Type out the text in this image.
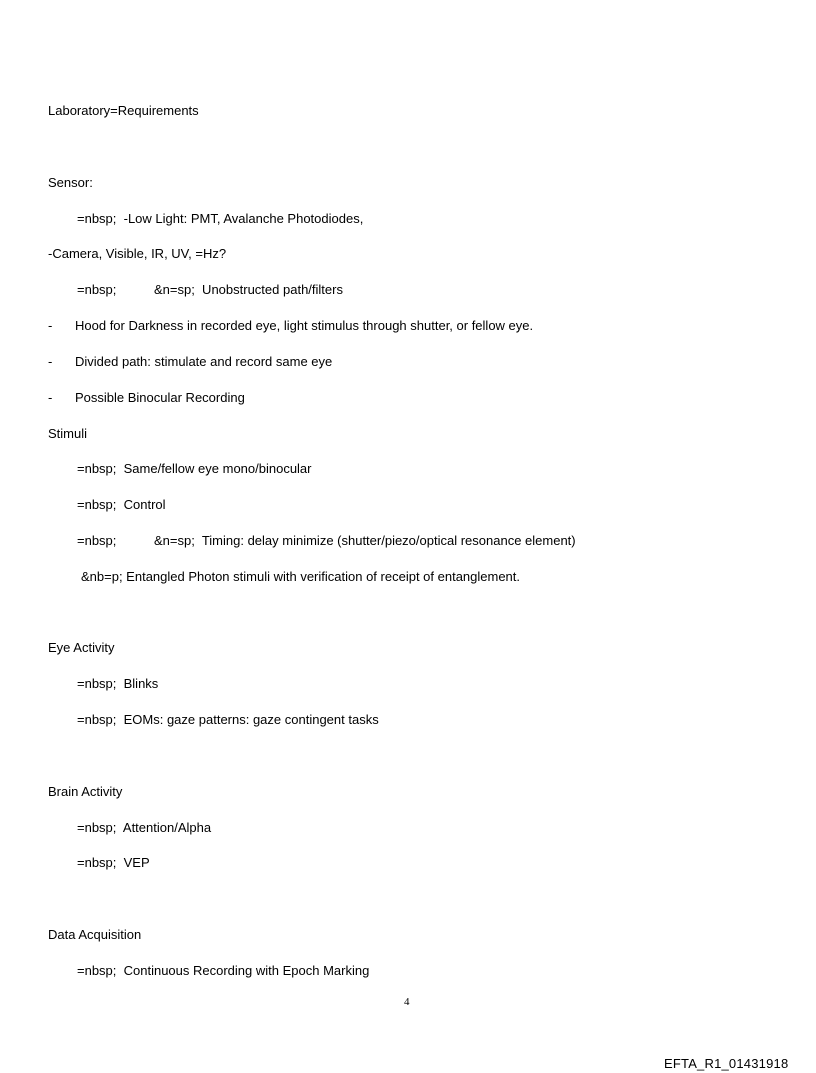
Laboratory=Requirements
Sensor:
=nbsp;  -Low Light: PMT, Avalanche Photodiodes,
-Camera, Visible, IR, UV, =Hz?
=nbsp;	&n=sp;  Unobstructed path/filters
- Hood for Darkness in recorded eye, light stimulus through shutter, or fellow eye.
- Divided path: stimulate and record same eye
- Possible Binocular Recording
Stimuli
=nbsp;  Same/fellow eye mono/binocular
=nbsp;  Control
=nbsp;	&n=sp;  Timing: delay minimize (shutter/piezo/optical resonance element)
&nb=p; Entangled Photon stimuli with verification of receipt of entanglement.
Eye Activity
=nbsp;  Blinks
=nbsp;  EOMs: gaze patterns: gaze contingent tasks
Brain Activity
=nbsp;  Attention/Alpha
=nbsp;  VEP
Data Acquisition
=nbsp;  Continuous Recording with Epoch Marking
4
EFTA_R1_01431918
